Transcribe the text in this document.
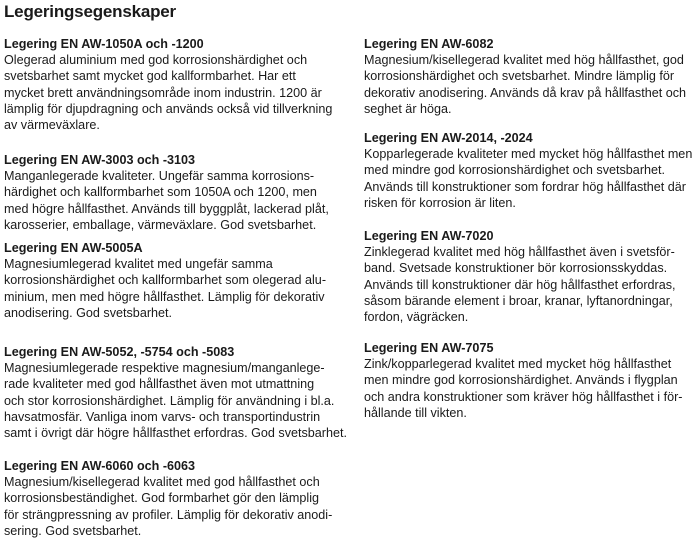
Legeringsegenskaper
Legering EN AW-1050A och -1200
Olegerad aluminium med god korrosionshärdighet och
svetsbarhet samt mycket god kallformbarhet. Har ett
mycket brett användningsområde inom industrin. 1200 är
lämplig för djupdragning och används också vid tillverkning
av värmeväxlare.
Legering EN AW-3003 och -3103
Manganlegerade kvaliteter. Ungefär samma korrosions-
härdighet och kallformbarhet som 1050A och 1200, men
med högre hållfasthet. Används till byggplåt, lackerad plåt,
karosserier, emballage, värmeväxlare. God svetsbarhet.
Legering EN AW-5005A
Magnesiumlegerad kvalitet med ungefär samma
korrosionshärdighet och kallformbarhet som olegerad alu-
minium, men med högre hållfasthet. Lämplig för dekorativ
anodisering. God svetsbarhet.
Legering EN AW-5052, -5754 och -5083
Magnesiumlegerade respektive magnesium/manganlege-
rade kvaliteter med god hållfasthet även mot utmattning
och stor korrosionshärdighet. Lämplig för användning i bl.a.
havsatmosfär. Vanliga inom varvs- och transportindustrin
samt i övrigt där högre hållfasthet erfordras. God svetsbarhet.
Legering EN AW-6060 och -6063
Magnesium/kisellegerad kvalitet med god hållfasthet och
korrosionsbeständighet. God formbarhet gör den lämplig
för strängpressning av profiler. Lämplig för dekorativ anodi-
sering. God svetsbarhet.
Legering EN AW-6082
Magnesium/kisellegerad kvalitet med hög hållfasthet, god
korrosionshärdighet och svetsbarhet. Mindre lämplig för
dekorativ anodisering. Används då krav på hållfasthet och
seghet är höga.
Legering EN AW-2014, -2024
Kopparlegerade kvaliteter med mycket hög hållfasthet men
med mindre god korrosionshärdighet och svetsbarhet.
Används till konstruktioner som fordrar hög hållfasthet där
risken för korrosion är liten.
Legering EN AW-7020
Zinklegerad kvalitet med hög hållfasthet även i svetsför-
band. Svetsade konstruktioner bör korrosionsskyddas.
Används till konstruktioner där hög hållfasthet erfordras,
såsom bärande element i broar, kranar, lyftanordningar,
fordon, vägräcken.
Legering EN AW-7075
Zink/kopparlegerad kvalitet med mycket hög hållfasthet
men mindre god korrosionshärdighet. Används i flygplan
och andra konstruktioner som kräver hög hållfasthet i för-
hållande till vikten.
